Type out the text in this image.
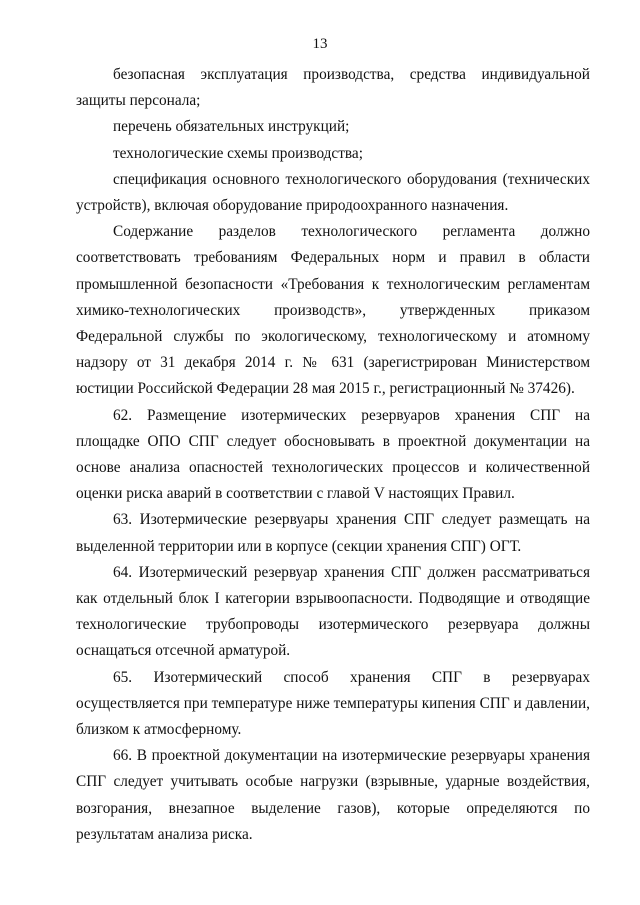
13

безопасная эксплуатация производства, средства индивидуальной защиты персонала;

перечень обязательных инструкций;

технологические схемы производства;

спецификация основного технологического оборудования (технических устройств), включая оборудование природоохранного назначения.

Содержание разделов технологического регламента должно соответствовать требованиям Федеральных норм и правил в области промышленной безопасности «Требования к технологическим регламентам химико-технологических производств», утвержденных приказом Федеральной службы по экологическому, технологическому и атомному надзору от 31 декабря 2014 г. № 631 (зарегистрирован Министерством юстиции Российской Федерации 28 мая 2015 г., регистрационный № 37426).

62. Размещение изотермических резервуаров хранения СПГ на площадке ОПО СПГ следует обосновывать в проектной документации на основе анализа опасностей технологических процессов и количественной оценки риска аварий в соответствии с главой V настоящих Правил.

63. Изотермические резервуары хранения СПГ следует размещать на выделенной территории или в корпусе (секции хранения СПГ) ОГТ.

64. Изотермический резервуар хранения СПГ должен рассматриваться как отдельный блок I категории взрывоопасности. Подводящие и отводящие технологические трубопроводы изотермического резервуара должны оснащаться отсечной арматурой.

65. Изотермический способ хранения СПГ в резервуарах осуществляется при температуре ниже температуры кипения СПГ и давлении, близком к атмосферному.

66. В проектной документации на изотермические резервуары хранения СПГ следует учитывать особые нагрузки (взрывные, ударные воздействия, возгорания, внезапное выделение газов), которые определяются по результатам анализа риска.
